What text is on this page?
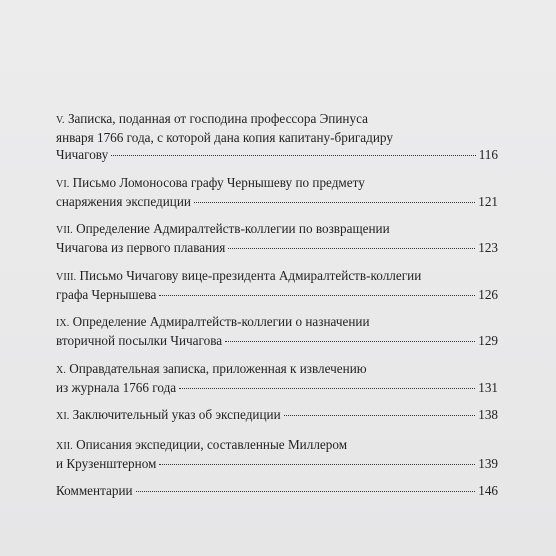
V. Записка, поданная от господина профессора Эпинуса
января 1766 года, с которой дана копия капитану-бригадиру
Чичагову	116
VI. Письмо Ломоносова графу Чернышеву по предмету
снаряжения экспедиции	121
VII. Определение Адмиралтейств-коллегии по возвращении
Чичагова из первого плавания	123
VIII. Письмо Чичагову вице-президента Адмиралтейств-коллегии
графа Чернышева	126
IX. Определение Адмиралтейств-коллегии о назначении
вторичной посылки Чичагова	129
X. Оправдательная записка, приложенная к извлечению
из журнала 1766 года	131
XI. Заключительный указ об экспедиции	138
XII. Описания экспедиции, составленные Миллером
и Крузенштерном	139
Комментарии	146
